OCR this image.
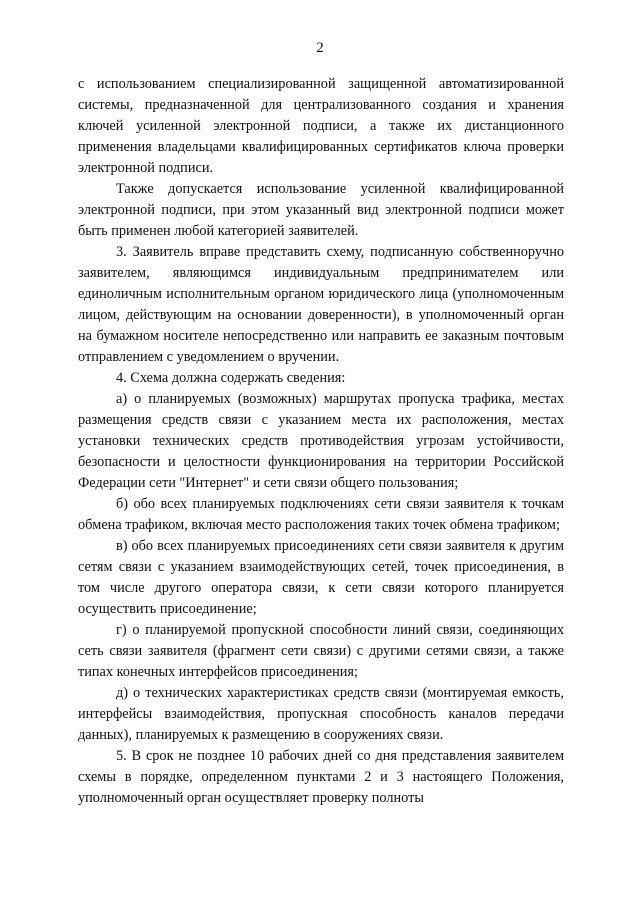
2

с использованием специализированной защищенной автоматизированной системы, предназначенной для централизованного создания и хранения ключей усиленной электронной подписи, а также их дистанционного применения владельцами квалифицированных сертификатов ключа проверки электронной подписи.

Также допускается использование усиленной квалифицированной электронной подписи, при этом указанный вид электронной подписи может быть применен любой категорией заявителей.

3. Заявитель вправе представить схему, подписанную собственноручно заявителем, являющимся индивидуальным предпринимателем или единоличным исполнительным органом юридического лица (уполномоченным лицом, действующим на основании доверенности), в уполномоченный орган на бумажном носителе непосредственно или направить ее заказным почтовым отправлением с уведомлением о вручении.

4. Схема должна содержать сведения:

а) о планируемых (возможных) маршрутах пропуска трафика, местах размещения средств связи с указанием места их расположения, местах установки технических средств противодействия угрозам устойчивости, безопасности и целостности функционирования на территории Российской Федерации сети "Интернет" и сети связи общего пользования;

б) обо всех планируемых подключениях сети связи заявителя к точкам обмена трафиком, включая место расположения таких точек обмена трафиком;

в) обо всех планируемых присоединениях сети связи заявителя к другим сетям связи с указанием взаимодействующих сетей, точек присоединения, в том числе другого оператора связи, к сети связи которого планируется осуществить присоединение;

г) о планируемой пропускной способности линий связи, соединяющих сеть связи заявителя (фрагмент сети связи) с другими сетями связи, а также типах конечных интерфейсов присоединения;

д) о технических характеристиках средств связи (монтируемая емкость, интерфейсы взаимодействия, пропускная способность каналов передачи данных), планируемых к размещению в сооружениях связи.

5. В срок не позднее 10 рабочих дней со дня представления заявителем схемы в порядке, определенном пунктами 2 и 3 настоящего Положения, уполномоченный орган осуществляет проверку полноты
